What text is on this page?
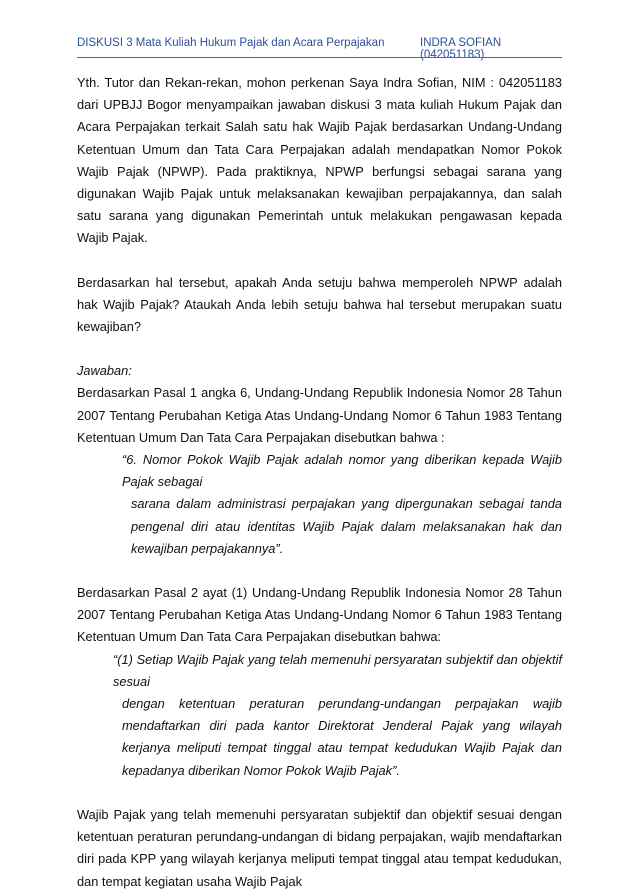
DISKUSI 3 Mata Kuliah Hukum Pajak dan Acara Perpajakan	INDRA SOFIAN (042051183)

Yth. Tutor dan Rekan-rekan, mohon perkenan Saya Indra Sofian, NIM : 042051183 dari UPBJJ Bogor menyampaikan jawaban diskusi 3 mata kuliah Hukum Pajak dan Acara Perpajakan terkait Salah satu hak Wajib Pajak berdasarkan Undang-Undang Ketentuan Umum dan Tata Cara Perpajakan adalah mendapatkan Nomor Pokok Wajib Pajak (NPWP). Pada praktiknya, NPWP berfungsi sebagai sarana yang digunakan Wajib Pajak untuk melaksanakan kewajiban perpajakannya, dan salah satu sarana yang digunakan Pemerintah untuk melakukan pengawasan kepada Wajib Pajak.

Berdasarkan hal tersebut, apakah Anda setuju bahwa memperoleh NPWP adalah hak Wajib Pajak? Ataukah Anda lebih setuju bahwa hal tersebut merupakan suatu kewajiban?

Jawaban:

Berdasarkan Pasal 1 angka 6, Undang-Undang Republik Indonesia Nomor 28 Tahun 2007 Tentang Perubahan Ketiga Atas Undang-Undang Nomor 6 Tahun 1983 Tentang Ketentuan Umum Dan Tata Cara Perpajakan disebutkan bahwa :

“6. Nomor Pokok Wajib Pajak adalah nomor yang diberikan kepada Wajib Pajak sebagai
sarana dalam administrasi perpajakan yang dipergunakan sebagai tanda pengenal diri atau identitas Wajib Pajak dalam melaksanakan hak dan kewajiban perpajakannya”.

Berdasarkan Pasal 2 ayat (1) Undang-Undang Republik Indonesia Nomor 28 Tahun 2007 Tentang Perubahan Ketiga Atas Undang-Undang Nomor 6 Tahun 1983 Tentang Ketentuan Umum Dan Tata Cara Perpajakan disebutkan bahwa:

“(1) Setiap Wajib Pajak yang telah memenuhi persyaratan subjektif dan objektif sesuai
dengan ketentuan peraturan perundang-undangan perpajakan wajib mendaftarkan diri pada kantor Direktorat Jenderal Pajak yang wilayah kerjanya meliputi tempat tinggal atau tempat kedudukan Wajib Pajak dan kepadanya diberikan Nomor Pokok Wajib Pajak”.

Wajib Pajak yang telah memenuhi persyaratan subjektif dan objektif sesuai dengan ketentuan peraturan perundang-undangan di bidang perpajakan, wajib mendaftarkan diri pada KPP yang wilayah kerjanya meliputi tempat tinggal atau tempat kedudukan, dan tempat kegiatan usaha Wajib Pajak
